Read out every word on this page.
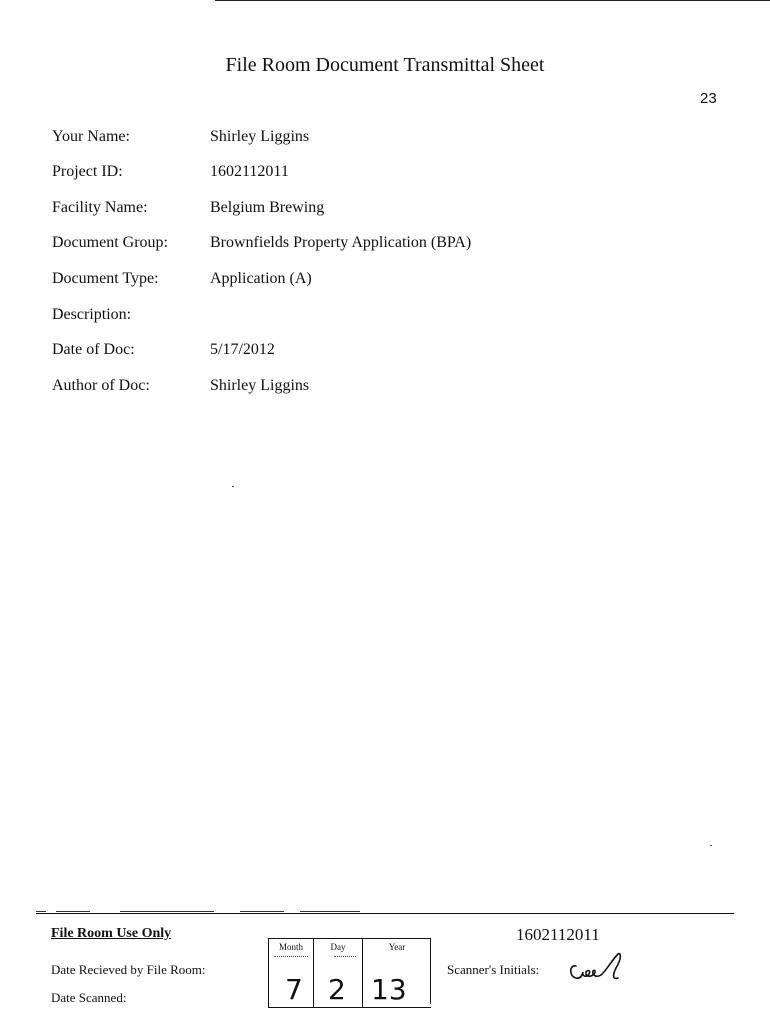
File Room Document Transmittal Sheet
23
Your Name:	Shirley Liggins
Project ID:	1602112011
Facility Name:	Belgium Brewing
Document Group:	Brownfields Property Application (BPA)
Document Type:	Application (A)
Description:
Date of Doc:	5/17/2012
Author of Doc:	Shirley Liggins
File Room Use Only
Date Recieved by File Room:
Date Scanned:
Month	Day	Year
7 2 13
1602112011
Scanner's Initials:
